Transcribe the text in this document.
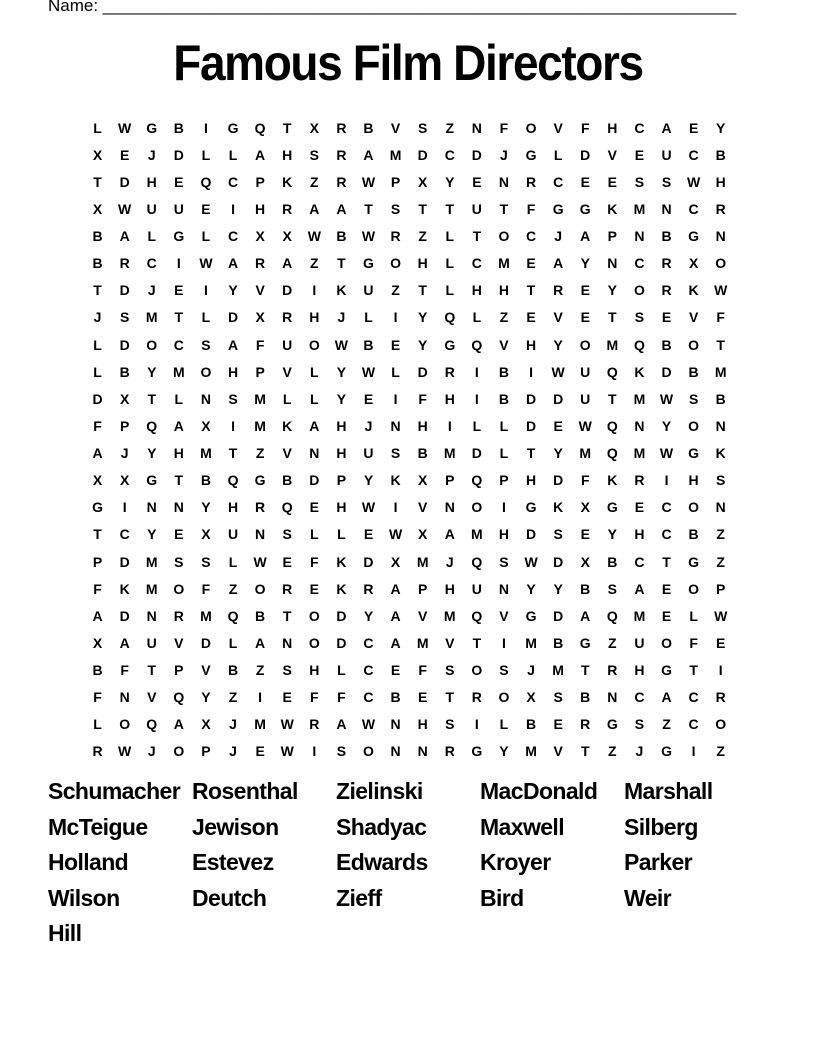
Name: ___________________________________________________________________
Famous Film Directors
L	W	G	B	I	G	Q	T	X	R	B	V	S	Z	N	F	O	V	F	H	C	A	E	Y
X	E	J	D	L	L	A	H	S	R	A	M	D	C	D	J	G	L	D	V	E	U	C	B
T	D	H	E	Q	C	P	K	Z	R	W	P	X	Y	E	N	R	C	E	E	S	S	W	H
X	W	U	U	E	I	H	R	A	A	T	S	T	T	U	T	F	G	G	K	M	N	C	R
B	A	L	G	L	C	X	X	W	B	W	R	Z	L	T	O	C	J	A	P	N	B	G	N
B	R	C	I	W	A	R	A	Z	T	G	O	H	L	C	M	E	A	Y	N	C	R	X	O
T	D	J	E	I	Y	V	D	I	K	U	Z	T	L	H	H	T	R	E	Y	O	R	K	W
J	S	M	T	L	D	X	R	H	J	L	I	Y	Q	L	Z	E	V	E	T	S	E	V	F
L	D	O	C	S	A	F	U	O	W	B	E	Y	G	Q	V	H	Y	O	M	Q	B	O	T
L	B	Y	M	O	H	P	V	L	Y	W	L	D	R	I	B	I	W	U	Q	K	D	B	M
D	X	T	L	N	S	M	L	L	Y	E	I	F	H	I	B	D	D	U	T	M	W	S	B
F	P	Q	A	X	I	M	K	A	H	J	N	H	I	L	L	D	E	W	Q	N	Y	O	N
A	J	Y	H	M	T	Z	V	N	H	U	S	B	M	D	L	T	Y	M	Q	M	W	G	K
X	X	G	T	B	Q	G	B	D	P	Y	K	X	P	Q	P	H	D	F	K	R	I	H	S
G	I	N	N	Y	H	R	Q	E	H	W	I	V	N	O	I	G	K	X	G	E	C	O	N
T	C	Y	E	X	U	N	S	L	L	E	W	X	A	M	H	D	S	E	Y	H	C	B	Z
P	D	M	S	S	L	W	E	F	K	D	X	M	J	Q	S	W	D	X	B	C	T	G	Z
F	K	M	O	F	Z	O	R	E	K	R	A	P	H	U	N	Y	Y	B	S	A	E	O	P
A	D	N	R	M	Q	B	T	O	D	Y	A	V	M	Q	V	G	D	A	Q	M	E	L	W
X	A	U	V	D	L	A	N	O	D	C	A	M	V	T	I	M	B	G	Z	U	O	F	E
B	F	T	P	V	B	Z	S	H	L	C	E	F	S	O	S	J	M	T	R	H	G	T	I
F	N	V	Q	Y	Z	I	E	F	F	C	B	E	T	R	O	X	S	B	N	C	A	C	R
L	O	Q	A	X	J	M	W	R	A	W	N	H	S	I	L	B	E	R	G	S	Z	C	O
R	W	J	O	P	J	E	W	I	S	O	N	N	R	G	Y	M	V	T	Z	J	G	I	Z
Schumacher Rosenthal Zielinski MacDonald Marshall
McTeigue Jewison Shadyac Maxwell	Silberg
Holland	Estevez	Edwards Kroyer	Parker
Wilson	Deutch	Zieff	Bird	Weir
Hill
